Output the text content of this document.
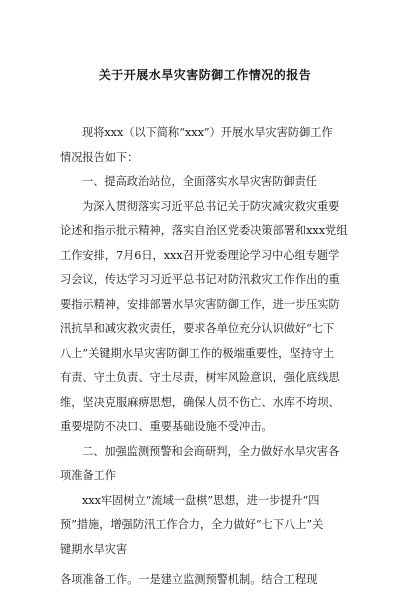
关于开展水旱灾害防御工作情况的报告
现将xxx（以下简称“xxx”）开展水旱灾害防御工作
情况报告如下：
一、提高政治站位，全面落实水旱灾害防御责任
为深入贯彻落实习近平总书记关于防灾减灾救灾重要
论述和指示批示精神，落实自治区党委决策部署和xxx党组
工作安排，7月6日，xxx召开党委理论学习中心组专题学
习会议，传达学习习近平总书记对防汛救灾工作作出的重
要指示精神，安排部署水旱灾害防御工作，进一步压实防
汛抗旱和减灾救灾责任，要求各单位充分认识做好“七下
八上”关键期水旱灾害防御工作的极端重要性，坚持守土
有责、守土负责、守土尽责，树牢风险意识，强化底线思
维，坚决克服麻痹思想，确保人员不伤亡、水库不垮坝、
重要堤防不决口、重要基础设施不受冲击。
二、加强监测预警和会商研判，全力做好水旱灾害各
项准备工作
xxx牢固树立“流域一盘棋”思想，进一步提升“四
预”措施，增强防汛工作合力，全力做好“七下八上”关
键期水旱灾害
各项准备工作。一是建立监测预警机制。结合工程现
